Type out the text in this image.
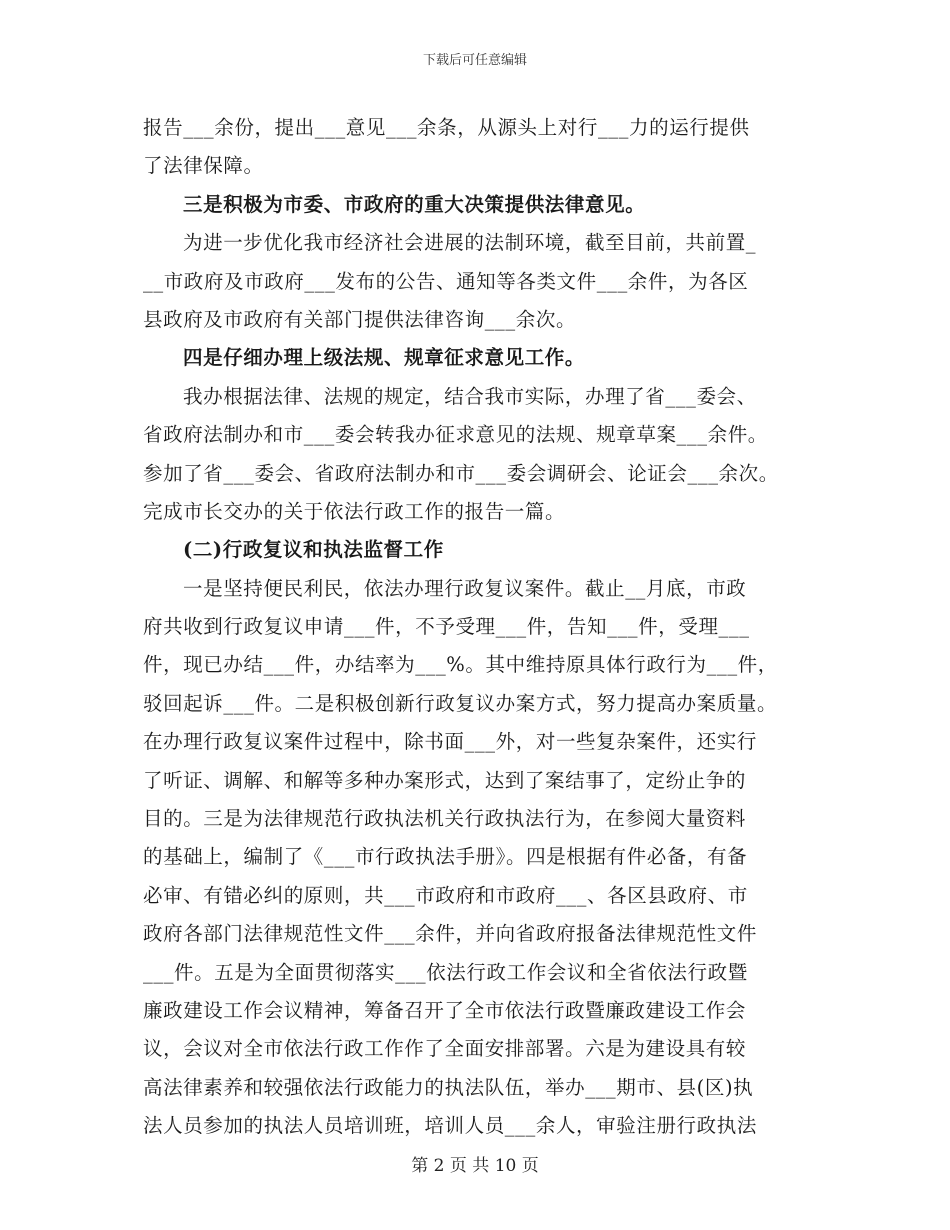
下载后可任意编辑
报告___余份，提出___意见___余条，从源头上对行___力的运行提供
了法律保障。
三是积极为市委、市政府的重大决策提供法律意见。
为进一步优化我市经济社会进展的法制环境，截至目前，共前置_
__市政府及市政府___发布的公告、通知等各类文件___余件，为各区
县政府及市政府有关部门提供法律咨询___余次。
四是仔细办理上级法规、规章征求意见工作。
我办根据法律、法规的规定，结合我市实际，办理了省___委会、
省政府法制办和市___委会转我办征求意见的法规、规章草案___余件。
参加了省___委会、省政府法制办和市___委会调研会、论证会___余次。
完成市长交办的关于依法行政工作的报告一篇。
(二)行政复议和执法监督工作
一是坚持便民利民，依法办理行政复议案件。截止__月底，市政
府共收到行政复议申请___件，不予受理___件，告知___件，受理___
件，现已办结___件，办结率为___%。其中维持原具体行政行为___件，
驳回起诉___件。二是积极创新行政复议办案方式，努力提高办案质量。
在办理行政复议案件过程中，除书面___外，对一些复杂案件，还实行
了听证、调解、和解等多种办案形式，达到了案结事了，定纷止争的
目的。三是为法律规范行政执法机关行政执法行为，在参阅大量资料
的基础上，编制了《___市行政执法手册》。四是根据有件必备，有备
必审、有错必纠的原则，共___市政府和市政府___、各区县政府、市
政府各部门法律规范性文件___余件，并向省政府报备法律规范性文件
___件。五是为全面贯彻落实___依法行政工作会议和全省依法行政暨
廉政建设工作会议精神，筹备召开了全市依法行政暨廉政建设工作会
议，会议对全市依法行政工作作了全面安排部署。六是为建设具有较
高法律素养和较强依法行政能力的执法队伍，举办___期市、县(区)执
法人员参加的执法人员培训班，培训人员___余人，审验注册行政执法
第 2 页 共 10 页
